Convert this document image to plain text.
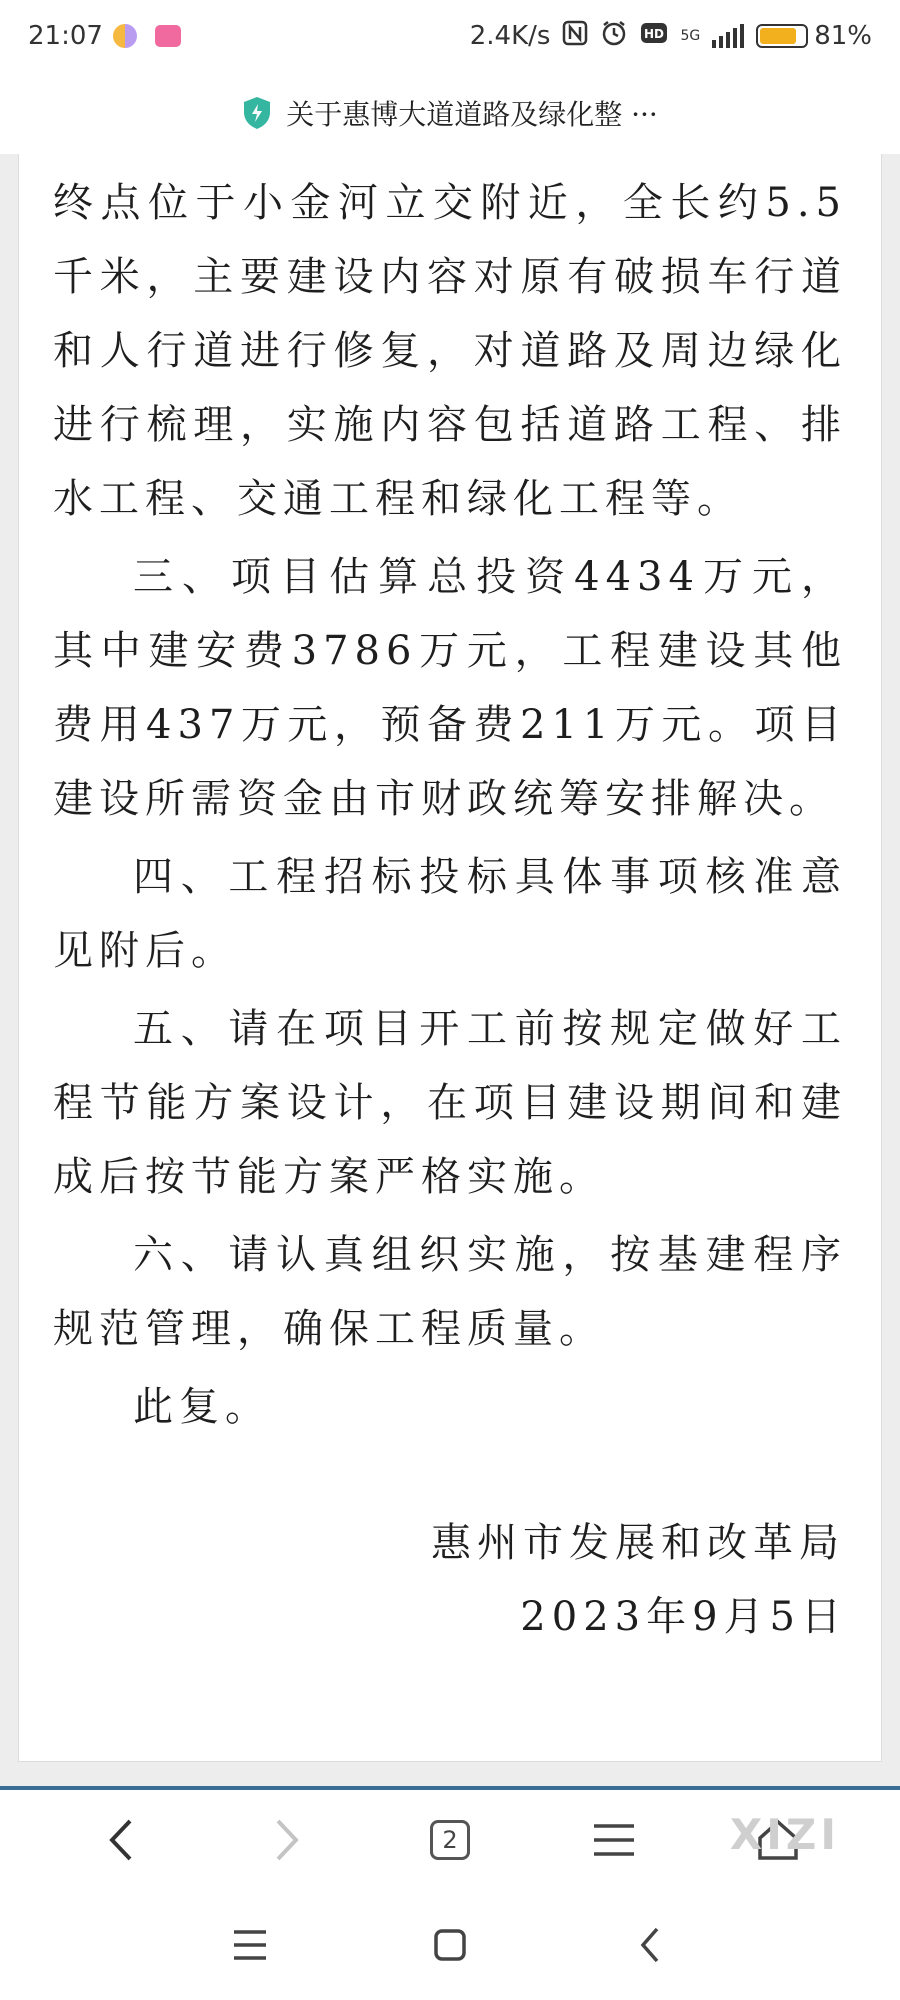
21:07	2.4K/s	HD 5G	81%
关于惠博大道道路及绿化整 ···

终点位于小金河立交附近，全长约5.5千米，主要建设内容对原有破损车行道和人行道进行修复，对道路及周边绿化进行梳理，实施内容包括道路工程、排水工程、交通工程和绿化工程等。

三、项目估算总投资4434万元，其中建安费3786万元，工程建设其他费用437万元，预备费211万元。项目建设所需资金由市财政统筹安排解决。

四、工程招标投标具体事项核准意见附后。

五、请在项目开工前按规定做好工程节能方案设计，在项目建设期间和建成后按节能方案严格实施。

六、请认真组织实施，按基建程序规范管理，确保工程质量。

此复。

惠州市发展和改革局

2023年9月5日

2	XIZI
